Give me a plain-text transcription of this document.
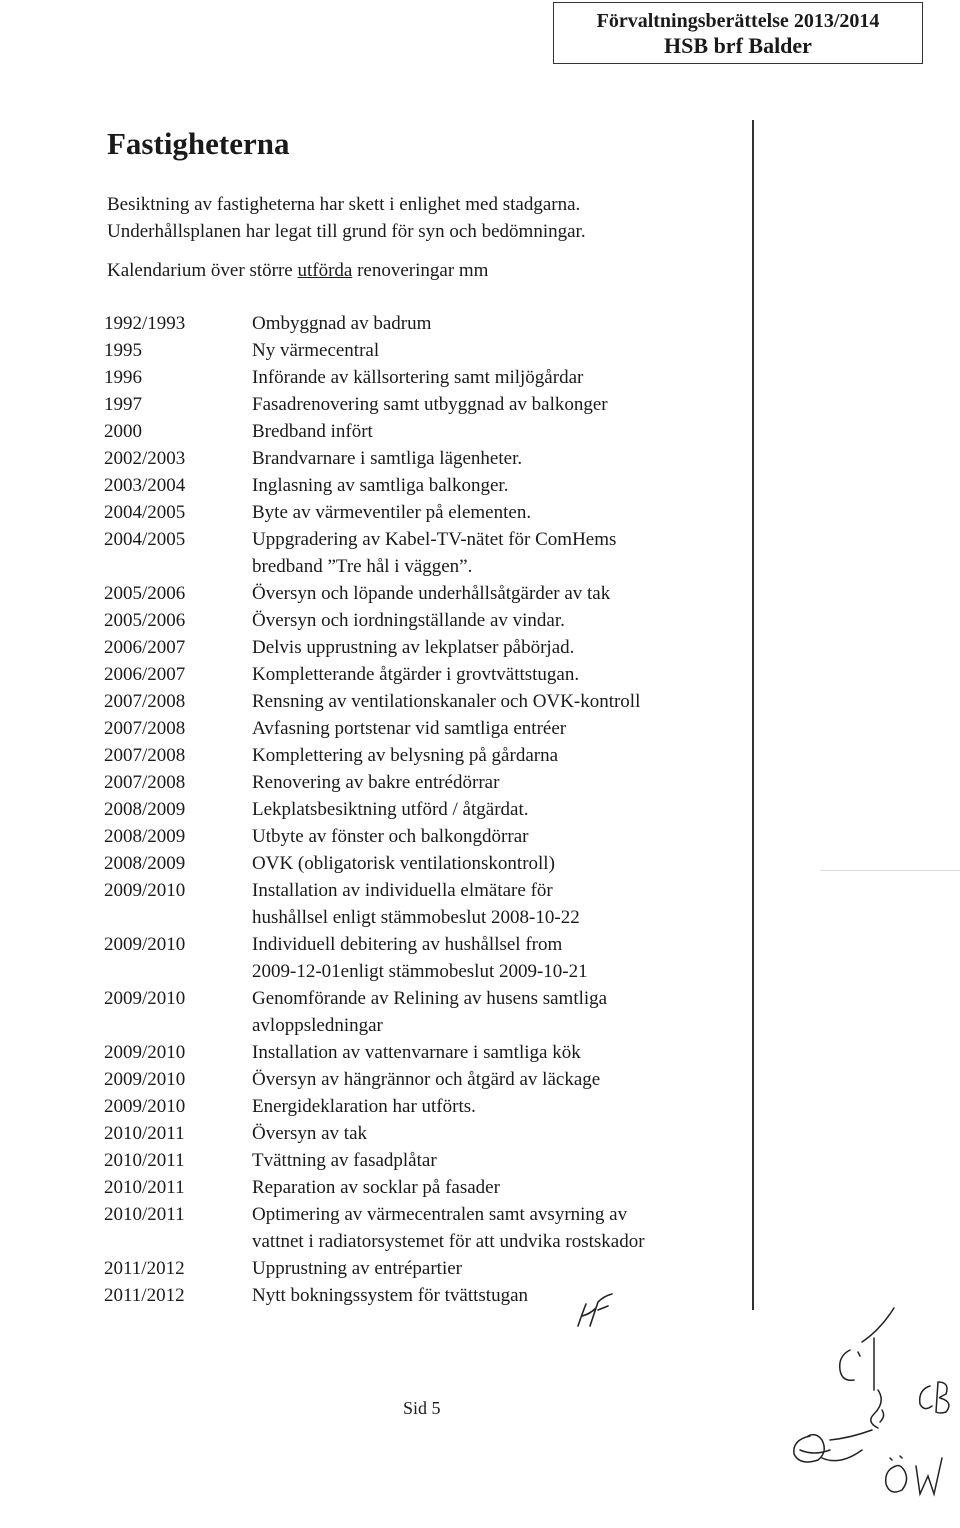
Förvaltningsberättelse 2013/2014
HSB brf Balder
Fastigheterna
Besiktning av fastigheterna har skett i enlighet med stadgarna.
Underhållsplanen har legat till grund för syn och bedömningar.
Kalendarium över större utförda renoveringar mm
1992/1993	Ombyggnad av badrum
1995	Ny värmecentral
1996	Införande av källsortering samt miljögårdar
1997	Fasadrenovering samt utbyggnad av balkonger
2000	Bredband infört
2002/2003	Brandvarnare i samtliga lägenheter.
2003/2004	Inglasning av samtliga balkonger.
2004/2005	Byte av värmeventiler på elementen.
2004/2005	Uppgradering av Kabel-TV-nätet för ComHems
bredband ”Tre hål i väggen”.
2005/2006	Översyn och löpande underhållsåtgärder av tak
2005/2006	Översyn och iordningställande av vindar.
2006/2007	Delvis upprustning av lekplatser påbörjad.
2006/2007	Kompletterande åtgärder i grovtvättstugan.
2007/2008	Rensning av ventilationskanaler och OVK-kontroll
2007/2008	Avfasning portstenar vid samtliga entréer
2007/2008	Komplettering av belysning på gårdarna
2007/2008	Renovering av bakre entrédörrar
2008/2009	Lekplatsbesiktning utförd / åtgärdat.
2008/2009	Utbyte av fönster och balkongdörrar
2008/2009	OVK (obligatorisk ventilationskontroll)
2009/2010	Installation av individuella elmätare för
hushållsel enligt stämmobeslut 2008-10-22
2009/2010	Individuell debitering av hushållsel from
2009-12-01enligt stämmobeslut 2009-10-21
2009/2010	Genomförande av Relining av husens samtliga
avloppsledningar
2009/2010	Installation av vattenvarnare i samtliga kök
2009/2010	Översyn av hängrännor och åtgärd av läckage
2009/2010	Energideklaration har utförts.
2010/2011	Översyn av tak
2010/2011	Tvättning av fasadplåtar
2010/2011	Reparation av socklar på fasader
2010/2011	Optimering av värmecentralen samt avsyrning av
vattnet i radiatorsystemet för att undvika rostskador
2011/2012	Upprustning av entrépartier
2011/2012	Nytt bokningssystem för tvättstugan
Sid 5
